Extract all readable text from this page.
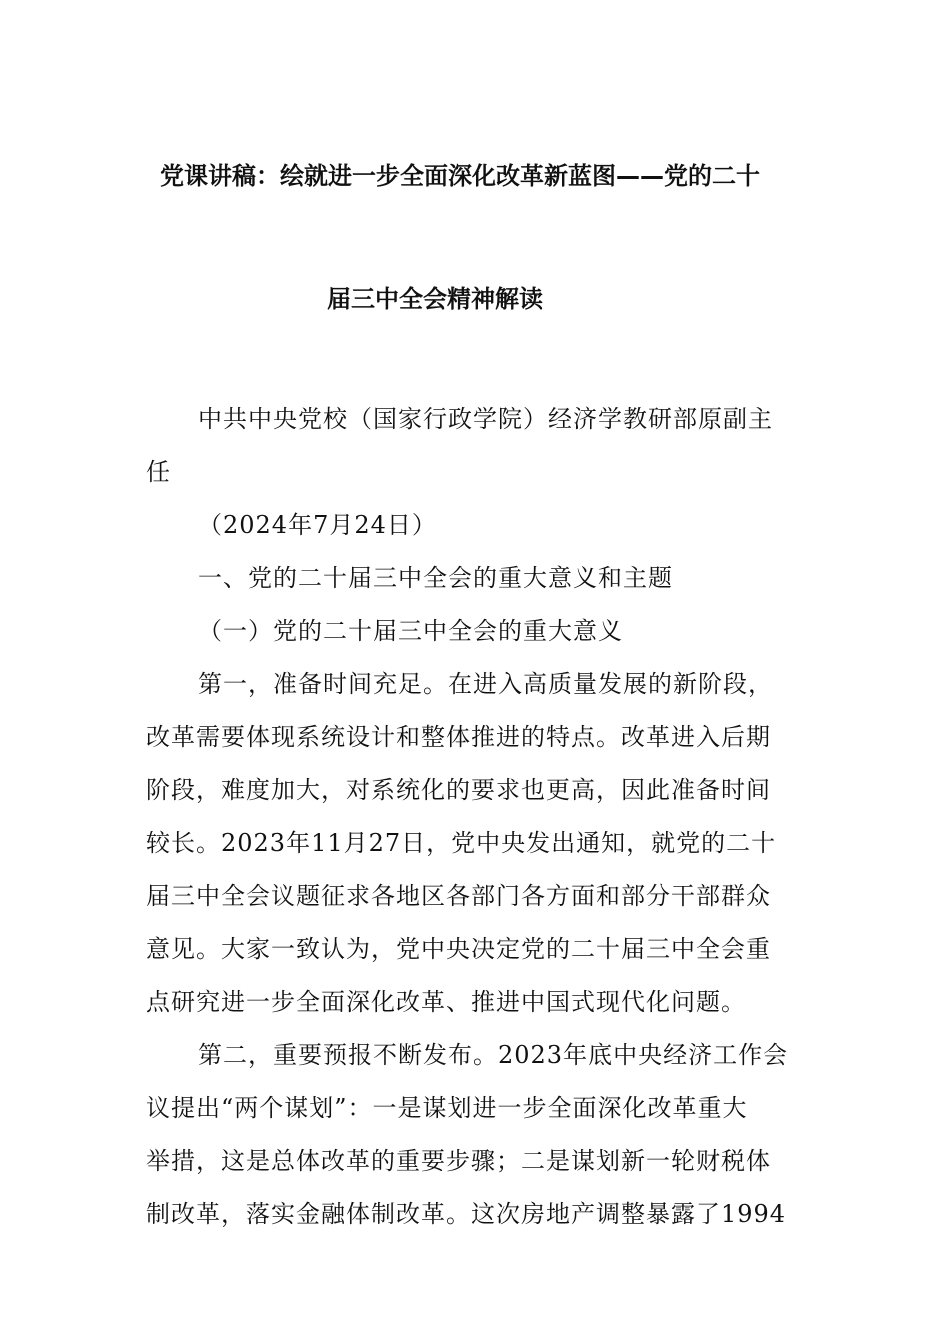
党课讲稿：绘就进一步全面深化改革新蓝图——党的二十
届三中全会精神解读
中共中央党校（国家行政学院）经济学教研部原副主
任
（2024年7月24日）
一、党的二十届三中全会的重大意义和主题
（一）党的二十届三中全会的重大意义
第一，准备时间充足。在进入高质量发展的新阶段，
改革需要体现系统设计和整体推进的特点。改革进入后期
阶段，难度加大，对系统化的要求也更高，因此准备时间
较长。2023年11月27日，党中央发出通知，就党的二十
届三中全会议题征求各地区各部门各方面和部分干部群众
意见。大家一致认为，党中央决定党的二十届三中全会重
点研究进一步全面深化改革、推进中国式现代化问题。
第二，重要预报不断发布。2023年底中央经济工作会
议提出“两个谋划”：一是谋划进一步全面深化改革重大
举措，这是总体改革的重要步骤；二是谋划新一轮财税体
制改革，落实金融体制改革。这次房地产调整暴露了1994
